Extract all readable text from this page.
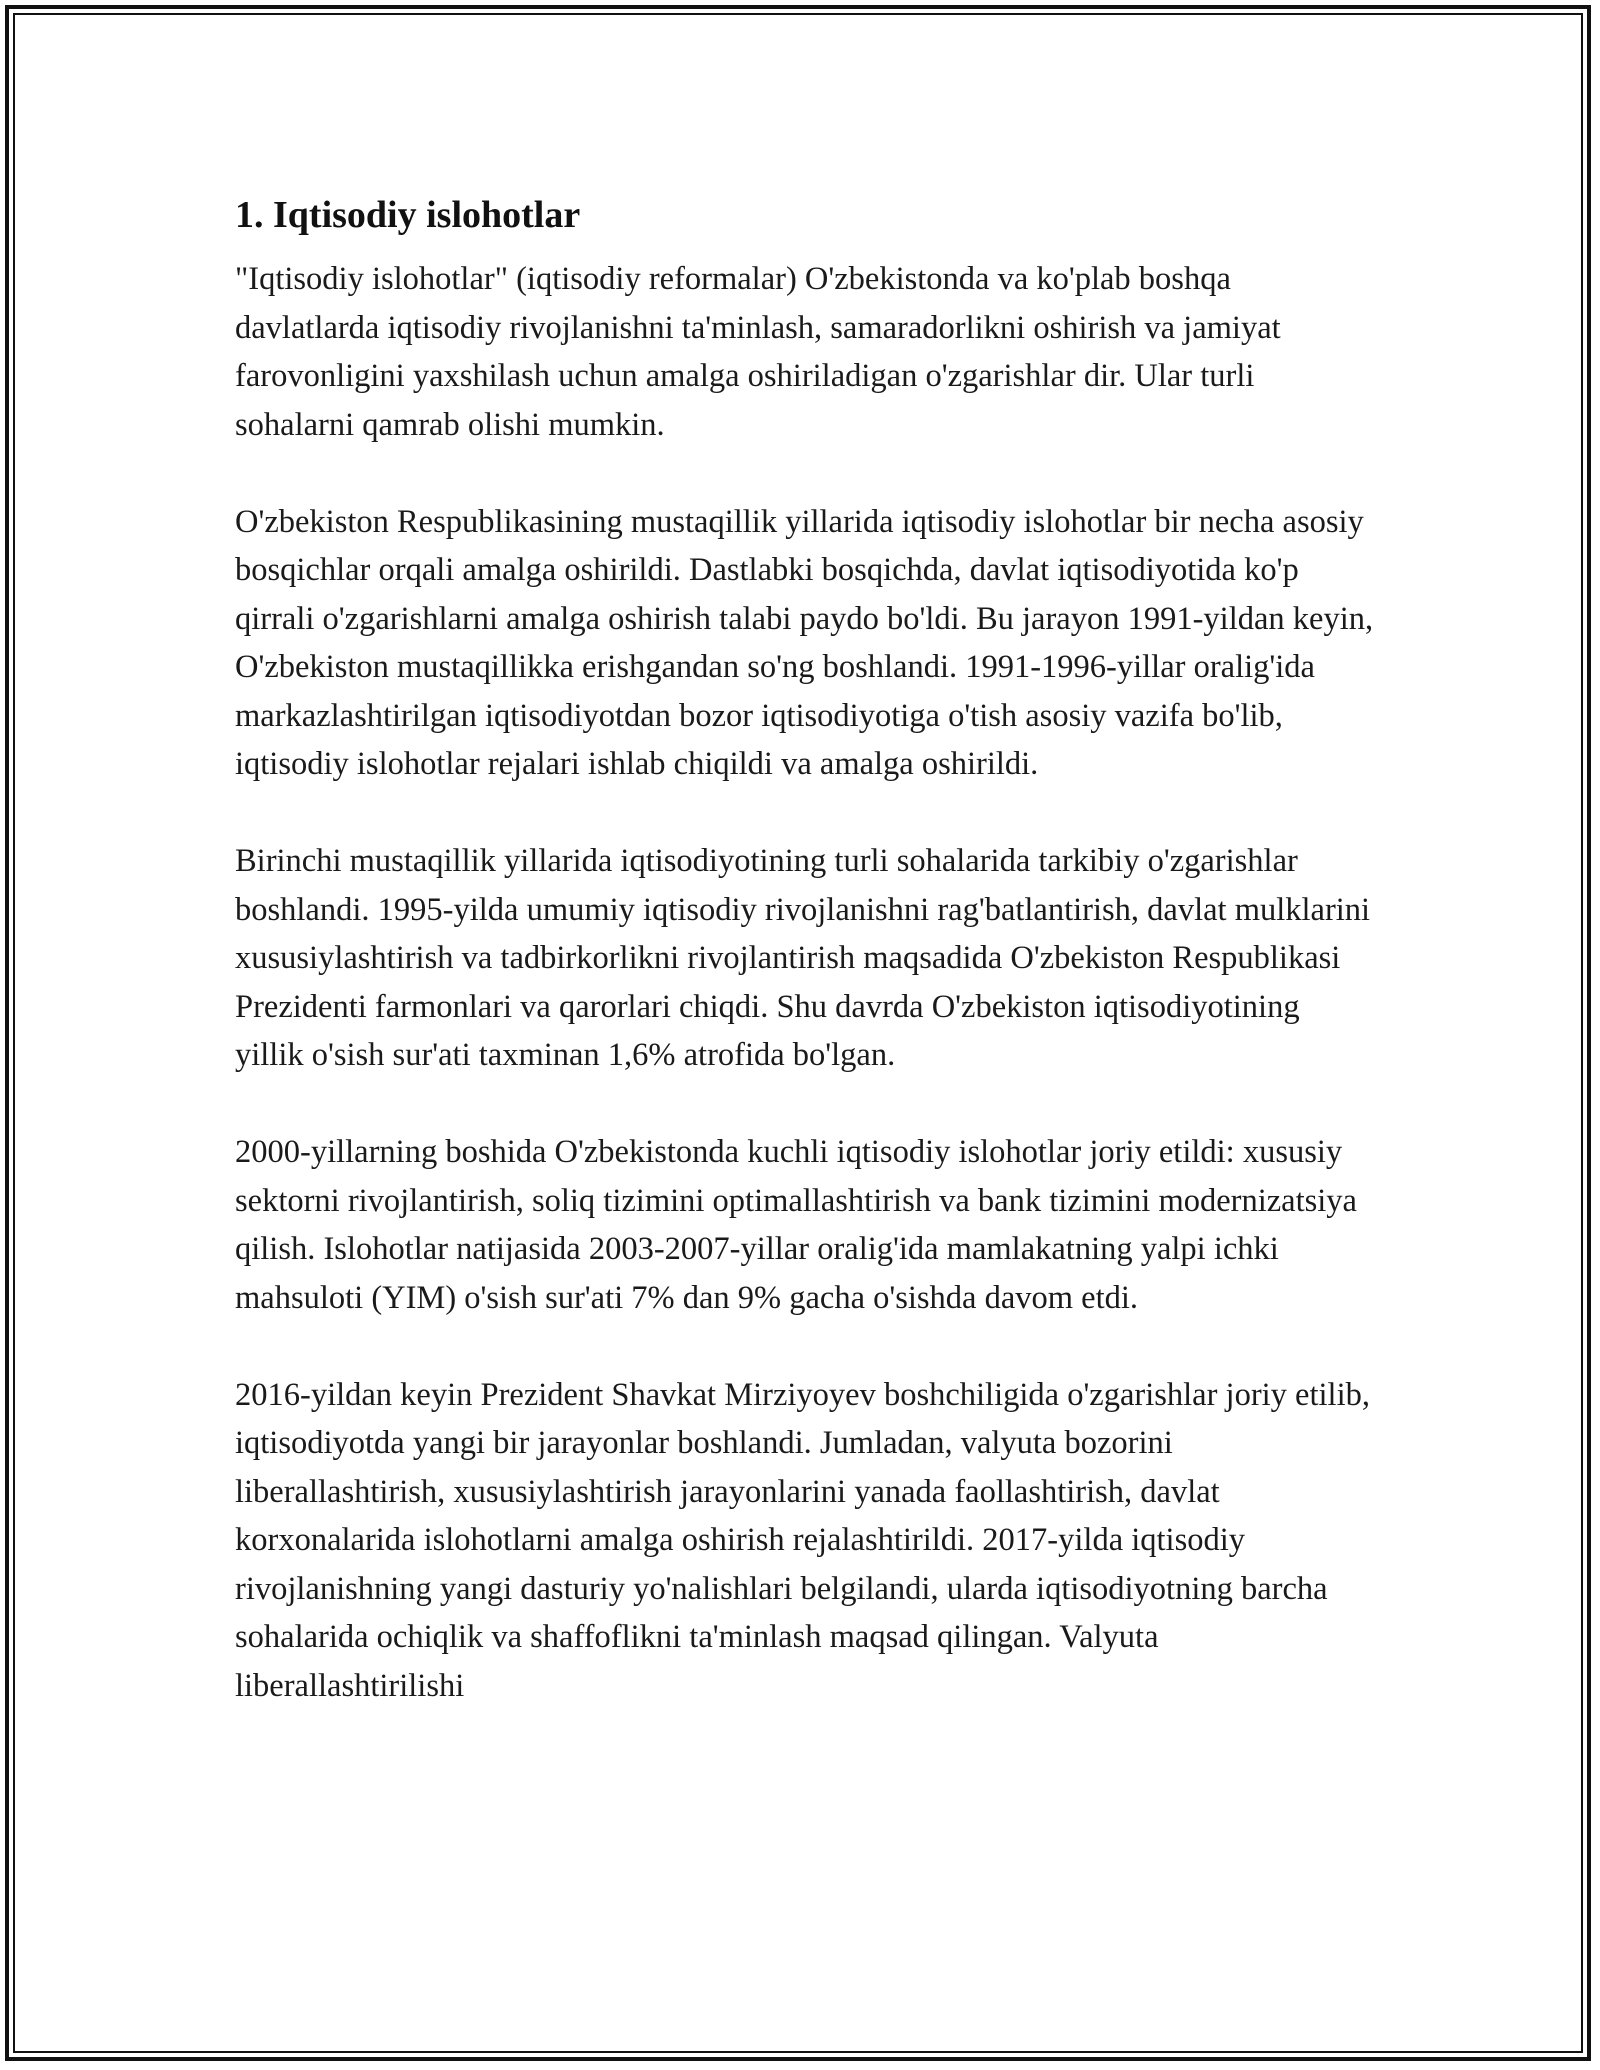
1. Iqtisodiy islohotlar

"Iqtisodiy islohotlar" (iqtisodiy reformalar) O'zbekistonda va ko'plab boshqa davlatlarda iqtisodiy rivojlanishni ta'minlash, samaradorlikni oshirish va jamiyat farovonligini yaxshilash uchun amalga oshiriladigan o'zgarishlar dir. Ular turli sohalarni qamrab olishi mumkin.

O'zbekiston Respublikasining mustaqillik yillarida iqtisodiy islohotlar bir necha asosiy bosqichlar orqali amalga oshirildi. Dastlabki bosqichda, davlat iqtisodiyotida ko'p qirrali o'zgarishlarni amalga oshirish talabi paydo bo'ldi. Bu jarayon 1991-yildan keyin, O'zbekiston mustaqillikka erishgandan so'ng boshlandi. 1991-1996-yillar oralig'ida markazlashtirilgan iqtisodiyotdan bozor iqtisodiyotiga o'tish asosiy vazifa bo'lib, iqtisodiy islohotlar rejalari ishlab chiqildi va amalga oshirildi.

Birinchi mustaqillik yillarida iqtisodiyotining turli sohalarida tarkibiy o'zgarishlar boshlandi. 1995-yilda umumiy iqtisodiy rivojlanishni rag'batlantirish, davlat mulklarini xususiylashtirish va tadbirkorlikni rivojlantirish maqsadida O'zbekiston Respublikasi Prezidenti farmonlari va qarorlari chiqdi. Shu davrda O'zbekiston iqtisodiyotining yillik o'sish sur'ati taxminan 1,6% atrofida bo'lgan.

2000-yillarning boshida O'zbekistonda kuchli iqtisodiy islohotlar joriy etildi: xususiy sektorni rivojlantirish, soliq tizimini optimallashtirish va bank tizimini modernizatsiya qilish. Islohotlar natijasida 2003-2007-yillar oralig'ida mamlakatning yalpi ichki mahsuloti (YIM) o'sish sur'ati 7% dan 9% gacha o'sishda davom etdi.

2016-yildan keyin Prezident Shavkat Mirziyoyev boshchiligida o'zgarishlar joriy etilib, iqtisodiyotda yangi bir jarayonlar boshlandi. Jumladan, valyuta bozorini liberallashtirish, xususiylashtirish jarayonlarini yanada faollashtirish, davlat korxonalarida islohotlarni amalga oshirish rejalashtirildi. 2017-yilda iqtisodiy rivojlanishning yangi dasturiy yo'nalishlari belgilandi, ularda iqtisodiyotning barcha sohalarida ochiqlik va shaffoflikni ta'minlash maqsad qilingan. Valyuta liberallashtirilishi
